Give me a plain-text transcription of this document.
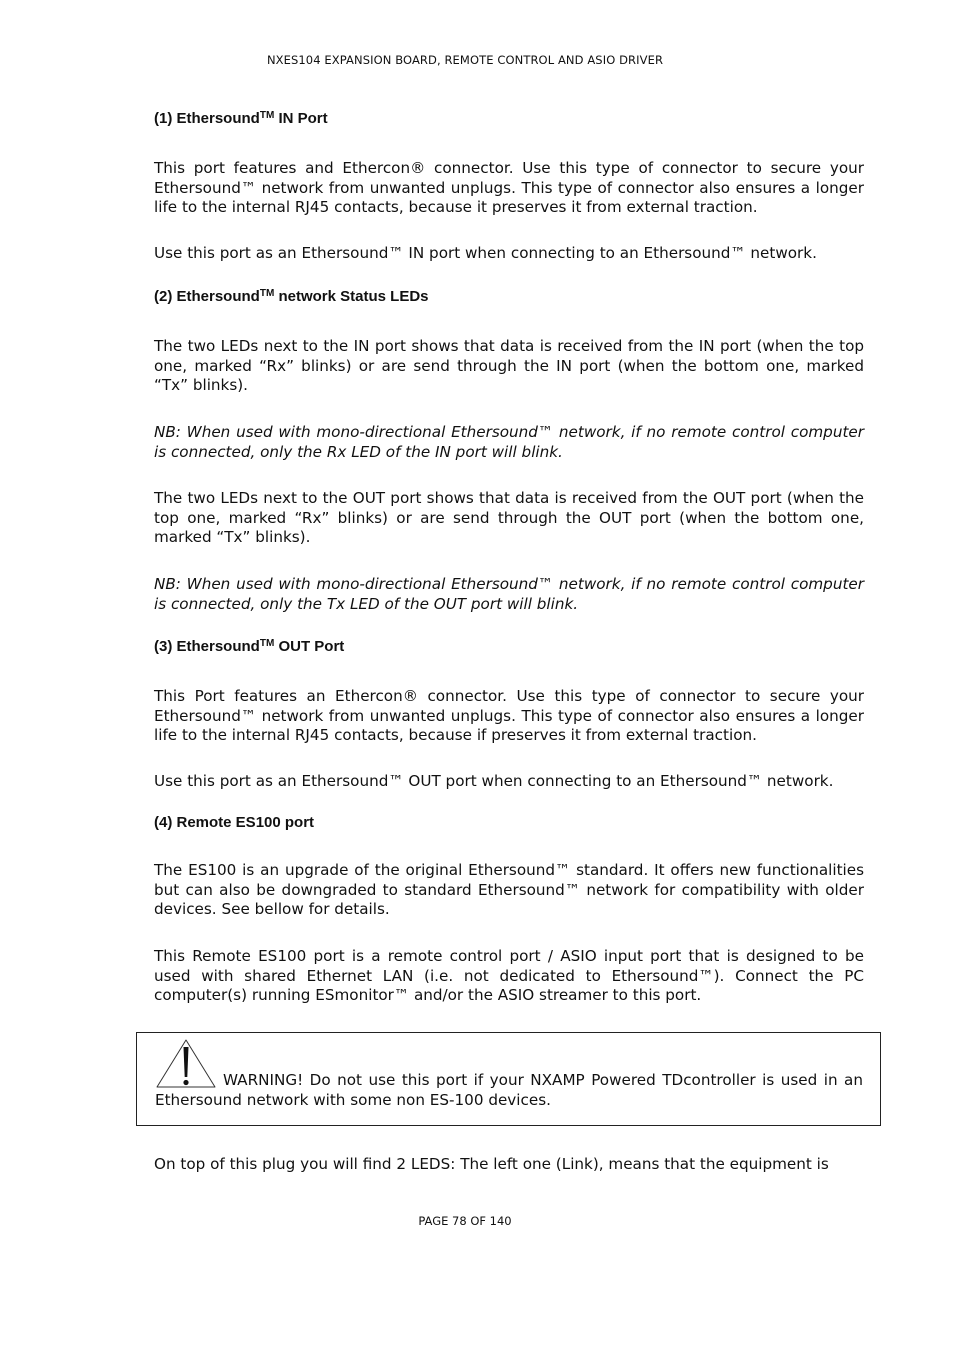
NXES104 EXPANSION BOARD, REMOTE CONTROL AND ASIO DRIVER
(1) Ethersound™ IN Port

This port features and Ethercon® connector. Use this type of connector to secure your Ethersound™ network from unwanted unplugs. This type of connector also ensures a longer life to the internal RJ45 contacts, because it preserves it from external traction.

Use this port as an Ethersound™ IN port when connecting to an Ethersound™ network.

(2) Ethersound™ network Status LEDs

The two LEDs next to the IN port shows that data is received from the IN port (when the top one, marked “Rx” blinks) or are send through the IN port (when the bottom one, marked “Tx” blinks).

NB: When used with mono-directional Ethersound™ network, if no remote control computer is connected, only the Rx LED of the IN port will blink.

The two LEDs next to the OUT port shows that data is received from the OUT port (when the top one, marked “Rx” blinks) or are send through the OUT port (when the bottom one, marked “Tx” blinks).

NB: When used with mono-directional Ethersound™ network, if no remote control computer is connected, only the Tx LED of the OUT port will blink.

(3) Ethersound™ OUT Port

This Port features an Ethercon® connector. Use this type of connector to secure your Ethersound™ network from unwanted unplugs. This type of connector also ensures a longer life to the internal RJ45 contacts, because if preserves it from external traction.

Use this port as an Ethersound™ OUT port when connecting to an Ethersound™ network.

(4) Remote ES100 port

The ES100 is an upgrade of the original Ethersound™ standard. It offers new functionalities but can also be downgraded to standard Ethersound™ network for compatibility with older devices. See bellow for details.

This Remote ES100 port is a remote control port / ASIO input port that is designed to be used with shared Ethernet LAN (i.e. not dedicated to Ethersound™). Connect the PC computer(s) running ESmonitor™ and/or the ASIO streamer to this port.

On top of this plug you will find 2 LEDS: The left one (Link), means that the equipment is

WARNING! Do not use this port if your NXAMP Powered TDcontroller is used in an Ethersound network with some non ES-100 devices.
PAGE 78 OF 140
